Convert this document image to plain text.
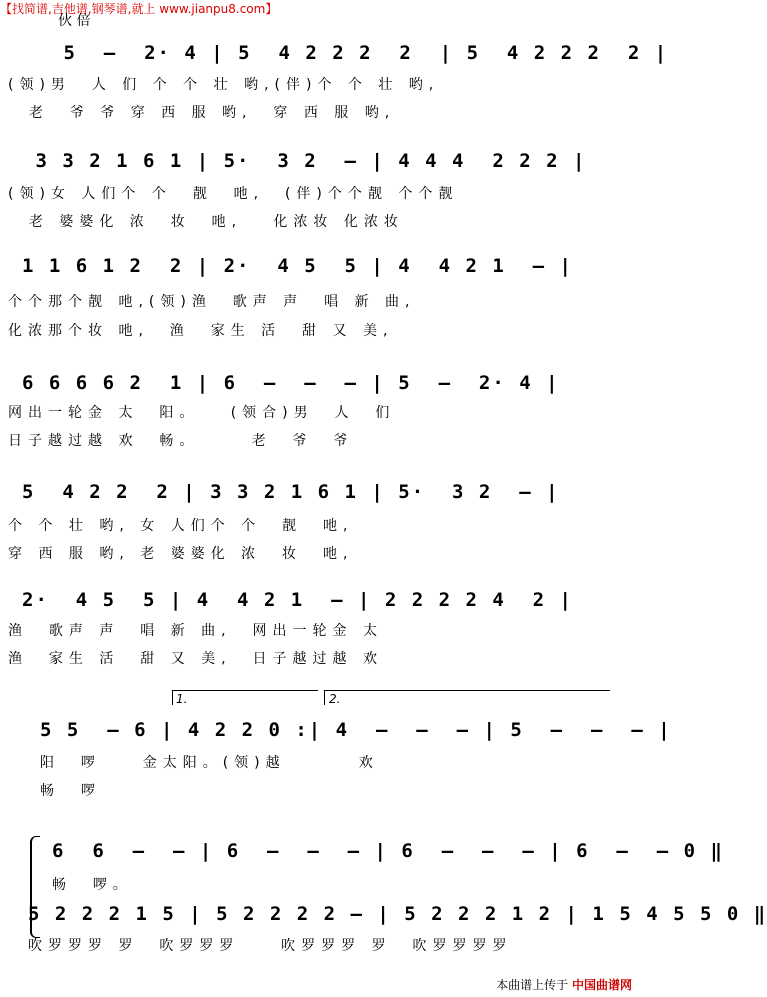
【找简谱,吉他谱,钢琴谱,就上 www.jianpu8.com】
伙 倍
5  –  2· 4 | 5  4 2 2 2  2  | 5  4 2 2 2  2 |
(领)男  人 们 个 个 壮 哟,(伴)个 个 壮 哟,
老  爷 爷 穿 西 服 哟,  穿 西 服 哟,
3 3 2 1 6 1 | 5·  3 2  – | 4 4 4  2 2 2 |
(领)女 人们个 个  靓  吔,  (伴)个个靓 个个靓
老 婆婆化 浓  妆  吔,   化浓妆 化浓妆
1 1 6 1 2  2 | 2·  4 5  5 | 4  4 2 1  – |
个个那个靓 吔,(领)渔  歌声 声  唱 新 曲,
化浓那个妆 吔,  渔  家生 活  甜 又 美,
6 6 6 6 2  1 | 6  –  –  – | 5  –  2· 4 |
网出一轮金 太  阳。   (领合)男  人  们
日子越过越 欢  畅。     老  爷  爷
5  4 2 2  2 | 3 3 2 1 6 1 | 5·  3 2  – |
个 个 壮 哟, 女 人们个 个  靓  吔,
穿 西 服 哟, 老 婆婆化 浓  妆  吔,
2·  4 5  5 | 4  4 2 1  – | 2 2 2 2 4  2 |
渔  歌声 声  唱 新 曲,  网出一轮金 太
渔  家生 活  甜 又 美,  日子越过越 欢
1.	2.
5 5  – 6 | 4 2 2 0 :| 4  –  –  – | 5  –  –  – |
阳  啰    金太阳。(领)越       欢
畅  啰
6  6  –  – | 6  –  –  – | 6  –  –  – | 6  –  – 0 ‖
畅  啰。
5 2 2 2 1 5 | 5 2 2 2 2 – | 5 2 2 2 1 2 | 1 5 4 5 5 0 ‖
吹罗罗罗 罗  吹罗罗罗    吹罗罗罗 罗  吹罗罗罗罗
本曲谱上传于 中国曲谱网
